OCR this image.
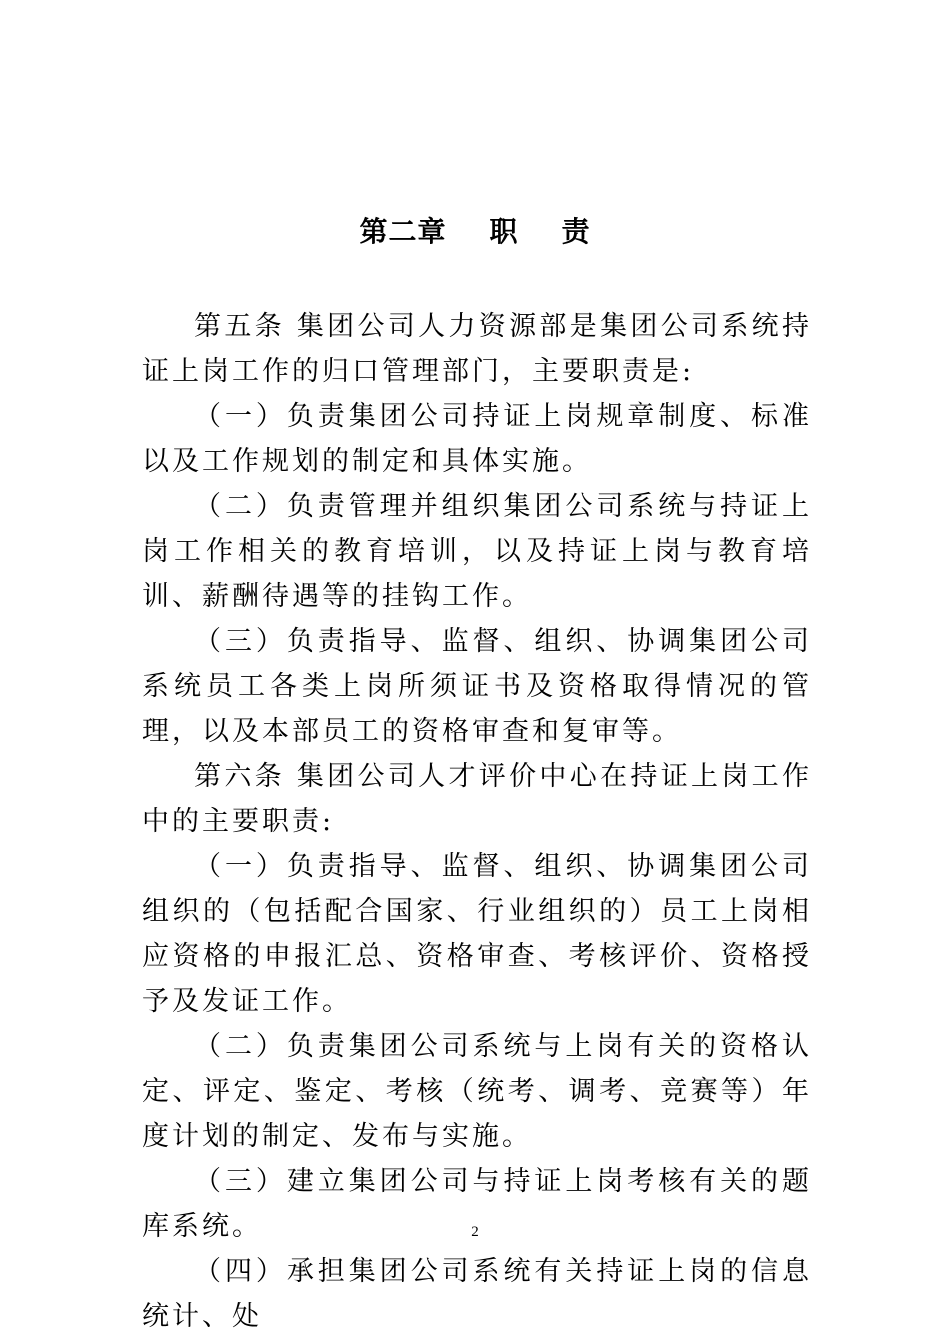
第二章    职    责

第五条 集团公司人力资源部是集团公司系统持证上岗工作的归口管理部门，主要职责是:

（一）负责集团公司持证上岗规章制度、标准以及工作规划的制定和具体实施。

（二）负责管理并组织集团公司系统与持证上岗工作相关的教育培训，以及持证上岗与教育培训、薪酬待遇等的挂钩工作。

（三）负责指导、监督、组织、协调集团公司系统员工各类上岗所须证书及资格取得情况的管理，以及本部员工的资格审查和复审等。

第六条 集团公司人才评价中心在持证上岗工作中的主要职责:

（一）负责指导、监督、组织、协调集团公司组织的（包括配合国家、行业组织的）员工上岗相应资格的申报汇总、资格审查、考核评价、资格授予及发证工作。

（二）负责集团公司系统与上岗有关的资格认定、评定、鉴定、考核（统考、调考、竞赛等）年度计划的制定、发布与实施。

（三）建立集团公司与持证上岗考核有关的题库系统。

（四）承担集团公司系统有关持证上岗的信息统计、处

2
